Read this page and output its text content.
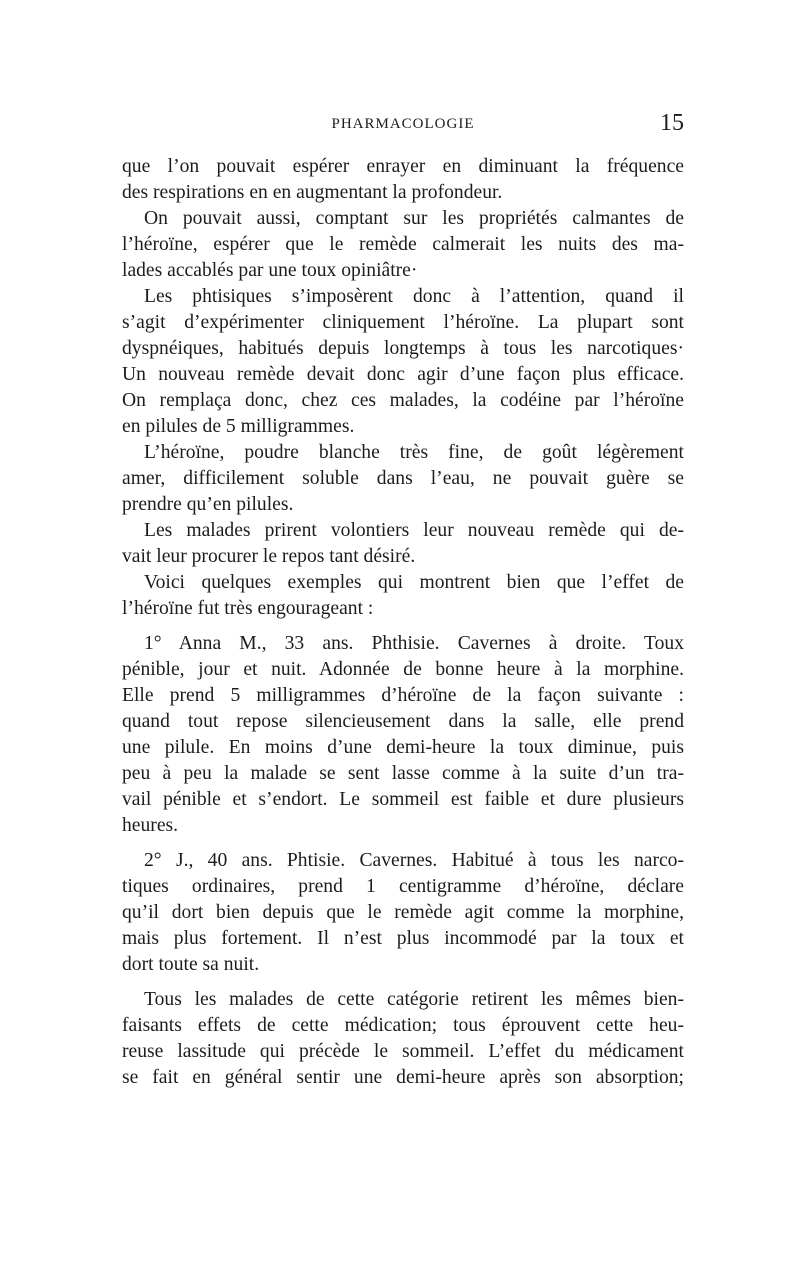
PHARMACOLOGIE	15

que l’on pouvait espérer enrayer en diminuant la fréquence
des respirations en en augmentant la profondeur.

On pouvait aussi, comptant sur les propriétés calmantes de
l’héroïne, espérer que le remède calmerait les nuits des ma-
lades accablés par une toux opiniâtre·

Les phtisiques s’imposèrent donc à l’attention, quand il
s’agit d’expérimenter cliniquement l’héroïne. La plupart sont
dyspnéiques, habitués depuis longtemps à tous les narcotiques·
Un nouveau remède devait donc agir d’une façon plus efficace.
On remplaça donc, chez ces malades, la codéine par l’héroïne
en pilules de 5 milligrammes.

L’héroïne, poudre blanche très fine, de goût légèrement
amer, difficilement soluble dans l’eau, ne pouvait guère se
prendre qu’en pilules.

Les malades prirent volontiers leur nouveau remède qui de-
vait leur procurer le repos tant désiré.

Voici quelques exemples qui montrent bien que l’effet de
l’héroïne fut très engourageant :

1° Anna M., 33 ans. Phthisie. Cavernes à droite. Toux
pénible, jour et nuit. Adonnée de bonne heure à la morphine.
Elle prend 5 milligrammes d’héroïne de la façon suivante :
quand tout repose silencieusement dans la salle, elle prend
une pilule. En moins d’une demi-heure la toux diminue, puis
peu à peu la malade se sent lasse comme à la suite d’un tra-
vail pénible et s’endort. Le sommeil est faible et dure plusieurs
heures.

2° J., 40 ans. Phtisie. Cavernes. Habitué à tous les narco-
tiques ordinaires, prend 1 centigramme d’héroïne, déclare
qu’il dort bien depuis que le remède agit comme la morphine,
mais plus fortement. Il n’est plus incommodé par la toux et
dort toute sa nuit.

Tous les malades de cette catégorie retirent les mêmes bien-
faisants effets de cette médication; tous éprouvent cette heu-
reuse lassitude qui précède le sommeil. L’effet du médicament
se fait en général sentir une demi-heure après son absorption;
